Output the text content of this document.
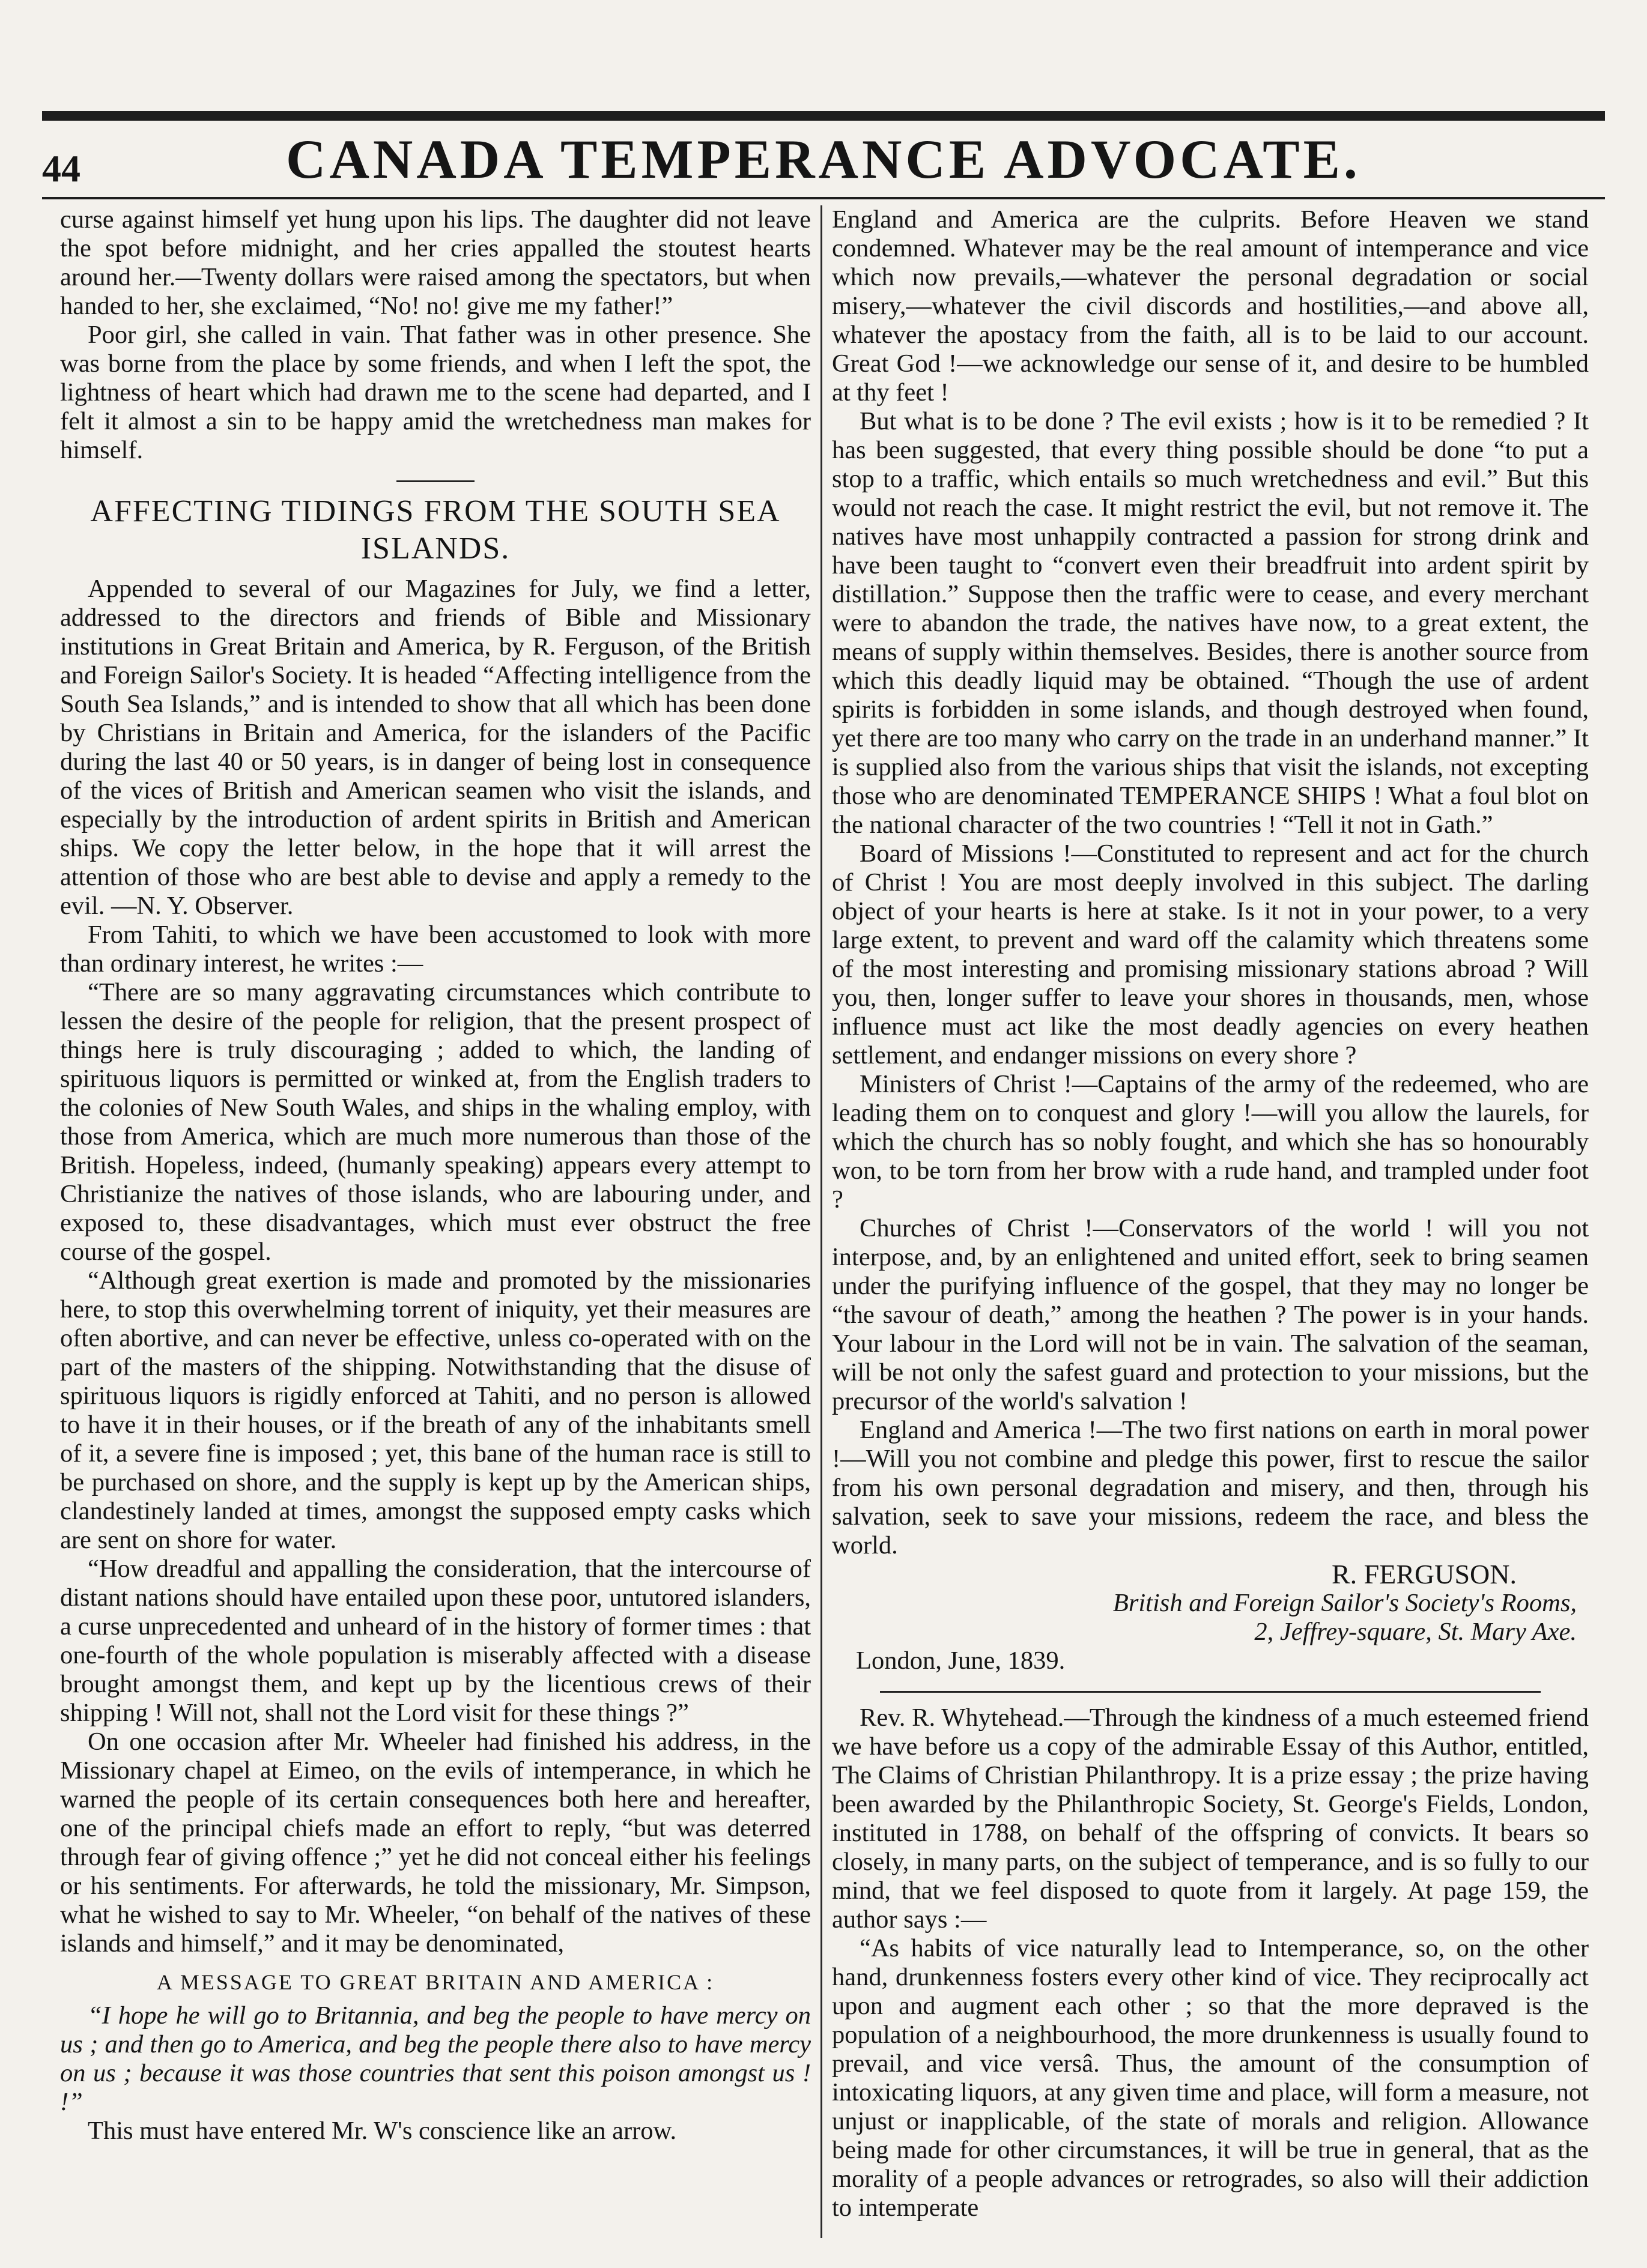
44	CANADA TEMPERANCE ADVOCATE.

curse against himself yet hung upon his lips. The daughter did not leave the spot before midnight, and her cries appalled the stoutest hearts around her.—Twenty dollars were raised among the spectators, but when handed to her, she exclaimed, “No! no! give me my father!”

Poor girl, she called in vain. That father was in other presence. She was borne from the place by some friends, and when I left the spot, the lightness of heart which had drawn me to the scene had departed, and I felt it almost a sin to be happy amid the wretchedness man makes for himself.

AFFECTING TIDINGS FROM THE SOUTH SEA ISLANDS.

Appended to several of our Magazines for July, we find a letter, addressed to the directors and friends of Bible and Missionary institutions in Great Britain and America, by R. Ferguson, of the British and Foreign Sailor's Society. It is headed “Affecting intelligence from the South Sea Islands,” and is intended to show that all which has been done by Christians in Britain and America, for the islanders of the Pacific during the last 40 or 50 years, is in danger of being lost in consequence of the vices of British and American seamen who visit the islands, and especially by the introduction of ardent spirits in British and American ships. We copy the letter below, in the hope that it will arrest the attention of those who are best able to devise and apply a remedy to the evil. —N. Y. Observer.

From Tahiti, to which we have been accustomed to look with more than ordinary interest, he writes :—

“There are so many aggravating circumstances which contribute to lessen the desire of the people for religion, that the present prospect of things here is truly discouraging ; added to which, the landing of spirituous liquors is permitted or winked at, from the English traders to the colonies of New South Wales, and ships in the whaling employ, with those from America, which are much more numerous than those of the British. Hopeless, indeed, (humanly speaking) appears every attempt to Christianize the natives of those islands, who are labouring under, and exposed to, these disadvantages, which must ever obstruct the free course of the gospel.

“Although great exertion is made and promoted by the missionaries here, to stop this overwhelming torrent of iniquity, yet their measures are often abortive, and can never be effective, unless co-operated with on the part of the masters of the shipping. Notwithstanding that the disuse of spirituous liquors is rigidly enforced at Tahiti, and no person is allowed to have it in their houses, or if the breath of any of the inhabitants smell of it, a severe fine is imposed ; yet, this bane of the human race is still to be purchased on shore, and the supply is kept up by the American ships, clandestinely landed at times, amongst the supposed empty casks which are sent on shore for water.

“How dreadful and appalling the consideration, that the intercourse of distant nations should have entailed upon these poor, untutored islanders, a curse unprecedented and unheard of in the history of former times : that one-fourth of the whole population is miserably affected with a disease brought amongst them, and kept up by the licentious crews of their shipping ! Will not, shall not the Lord visit for these things ?”

On one occasion after Mr. Wheeler had finished his address, in the Missionary chapel at Eimeo, on the evils of intemperance, in which he warned the people of its certain consequences both here and hereafter, one of the principal chiefs made an effort to reply, “but was deterred through fear of giving offence ;” yet he did not conceal either his feelings or his sentiments. For afterwards, he told the missionary, Mr. Simpson, what he wished to say to Mr. Wheeler, “on behalf of the natives of these islands and himself,” and it may be denominated,

A MESSAGE TO GREAT BRITAIN AND AMERICA :

“I hope he will go to Britannia, and beg the people to have mercy on us ; and then go to America, and beg the people there also to have mercy on us ; because it was those countries that sent this poison amongst us ! !”

This must have entered Mr. W's conscience like an arrow.

England and America are the culprits. Before Heaven we stand condemned. Whatever may be the real amount of intemperance and vice which now prevails,—whatever the personal degradation or social misery,—whatever the civil discords and hostilities,—and above all, whatever the apostacy from the faith, all is to be laid to our account. Great God !—we acknowledge our sense of it, and desire to be humbled at thy feet !

But what is to be done ? The evil exists ; how is it to be remedied ? It has been suggested, that every thing possible should be done “to put a stop to a traffic, which entails so much wretchedness and evil.” But this would not reach the case. It might restrict the evil, but not remove it. The natives have most unhappily contracted a passion for strong drink and have been taught to “convert even their breadfruit into ardent spirit by distillation.” Suppose then the traffic were to cease, and every merchant were to abandon the trade, the natives have now, to a great extent, the means of supply within themselves. Besides, there is another source from which this deadly liquid may be obtained. “Though the use of ardent spirits is forbidden in some islands, and though destroyed when found, yet there are too many who carry on the trade in an underhand manner.” It is supplied also from the various ships that visit the islands, not excepting those who are denominated TEMPERANCE SHIPS ! What a foul blot on the national character of the two countries ! “Tell it not in Gath.”

Board of Missions !—Constituted to represent and act for the church of Christ ! You are most deeply involved in this subject. The darling object of your hearts is here at stake. Is it not in your power, to a very large extent, to prevent and ward off the calamity which threatens some of the most interesting and promising missionary stations abroad ? Will you, then, longer suffer to leave your shores in thousands, men, whose influence must act like the most deadly agencies on every heathen settlement, and endanger missions on every shore ?

Ministers of Christ !—Captains of the army of the redeemed, who are leading them on to conquest and glory !—will you allow the laurels, for which the church has so nobly fought, and which she has so honourably won, to be torn from her brow with a rude hand, and trampled under foot ?

Churches of Christ !—Conservators of the world ! will you not interpose, and, by an enlightened and united effort, seek to bring seamen under the purifying influence of the gospel, that they may no longer be “the savour of death,” among the heathen ? The power is in your hands. Your labour in the Lord will not be in vain. The salvation of the seaman, will be not only the safest guard and protection to your missions, but the precursor of the world's salvation !

England and America !—The two first nations on earth in moral power !—Will you not combine and pledge this power, first to rescue the sailor from his own personal degradation and misery, and then, through his salvation, seek to save your missions, redeem the race, and bless the world.

R. FERGUSON.
British and Foreign Sailor's Society's Rooms,
2, Jeffrey-square, St. Mary Axe.

London, June, 1839.

Rev. R. Whytehead.—Through the kindness of a much esteemed friend we have before us a copy of the admirable Essay of this Author, entitled, The Claims of Christian Philanthropy. It is a prize essay ; the prize having been awarded by the Philanthropic Society, St. George's Fields, London, instituted in 1788, on behalf of the offspring of convicts. It bears so closely, in many parts, on the subject of temperance, and is so fully to our mind, that we feel disposed to quote from it largely. At page 159, the author says :—

“As habits of vice naturally lead to Intemperance, so, on the other hand, drunkenness fosters every other kind of vice. They reciprocally act upon and augment each other ; so that the more depraved is the population of a neighbourhood, the more drunkenness is usually found to prevail, and vice versâ. Thus, the amount of the consumption of intoxicating liquors, at any given time and place, will form a measure, not unjust or inapplicable, of the state of morals and religion. Allowance being made for other circumstances, it will be true in general, that as the morality of a people advances or retrogrades, so also will their addiction to intemperate
